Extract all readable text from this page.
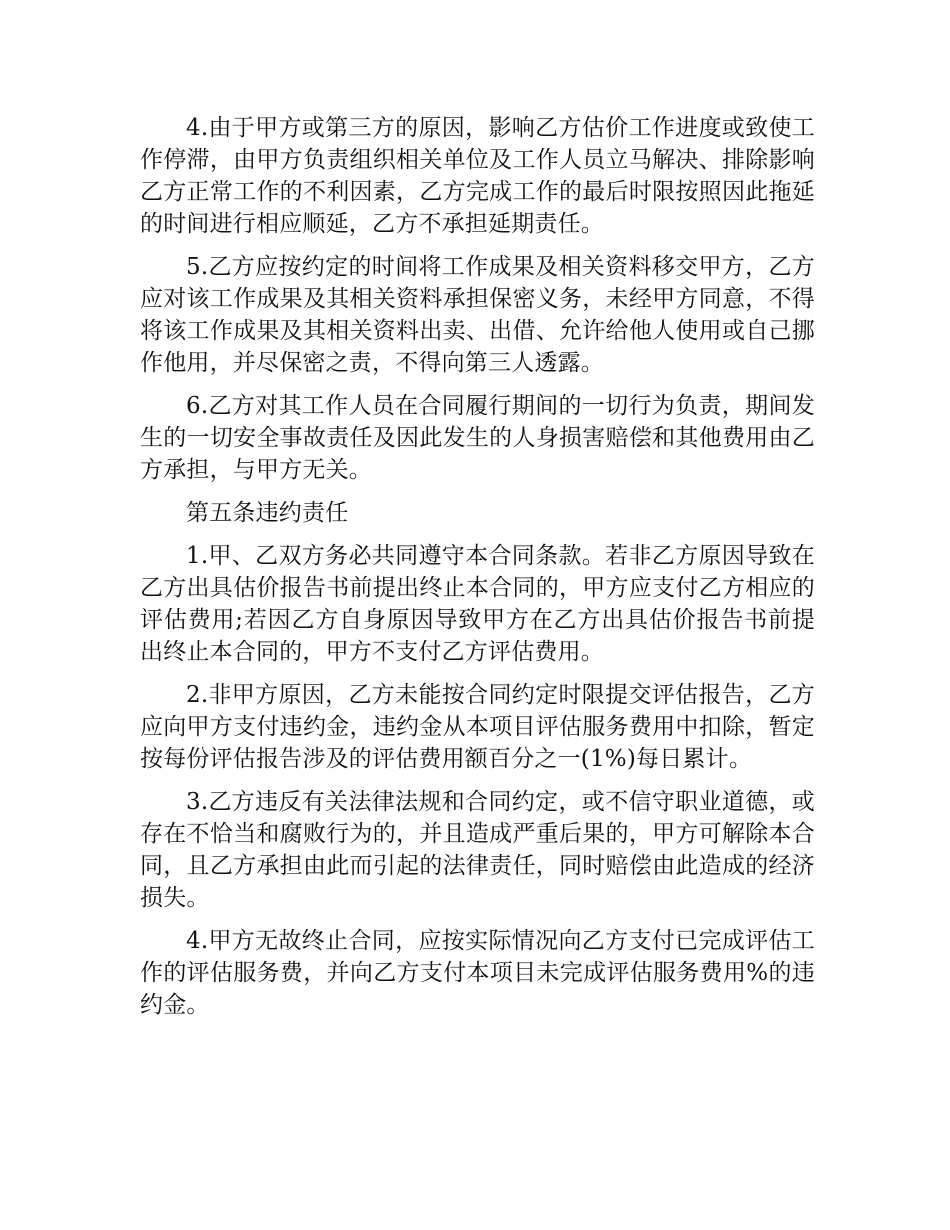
4.由于甲方或第三方的原因，影响乙方估价工作进度或致使工作停滞，由甲方负责组织相关单位及工作人员立马解决、排除影响乙方正常工作的不利因素，乙方完成工作的最后时限按照因此拖延的时间进行相应顺延，乙方不承担延期责任。

5.乙方应按约定的时间将工作成果及相关资料移交甲方，乙方应对该工作成果及其相关资料承担保密义务，未经甲方同意，不得将该工作成果及其相关资料出卖、出借、允许给他人使用或自己挪作他用，并尽保密之责，不得向第三人透露。

6.乙方对其工作人员在合同履行期间的一切行为负责，期间发生的一切安全事故责任及因此发生的人身损害赔偿和其他费用由乙方承担，与甲方无关。

第五条违约责任

1.甲、乙双方务必共同遵守本合同条款。若非乙方原因导致在乙方出具估价报告书前提出终止本合同的，甲方应支付乙方相应的评估费用;若因乙方自身原因导致甲方在乙方出具估价报告书前提出终止本合同的，甲方不支付乙方评估费用。

2.非甲方原因，乙方未能按合同约定时限提交评估报告，乙方应向甲方支付违约金，违约金从本项目评估服务费用中扣除，暂定按每份评估报告涉及的评估费用额百分之一(1%)每日累计。

3.乙方违反有关法律法规和合同约定，或不信守职业道德，或存在不恰当和腐败行为的，并且造成严重后果的，甲方可解除本合同，且乙方承担由此而引起的法律责任，同时赔偿由此造成的经济损失。

4.甲方无故终止合同，应按实际情况向乙方支付已完成评估工作的评估服务费，并向乙方支付本项目未完成评估服务费用%的违约金。
